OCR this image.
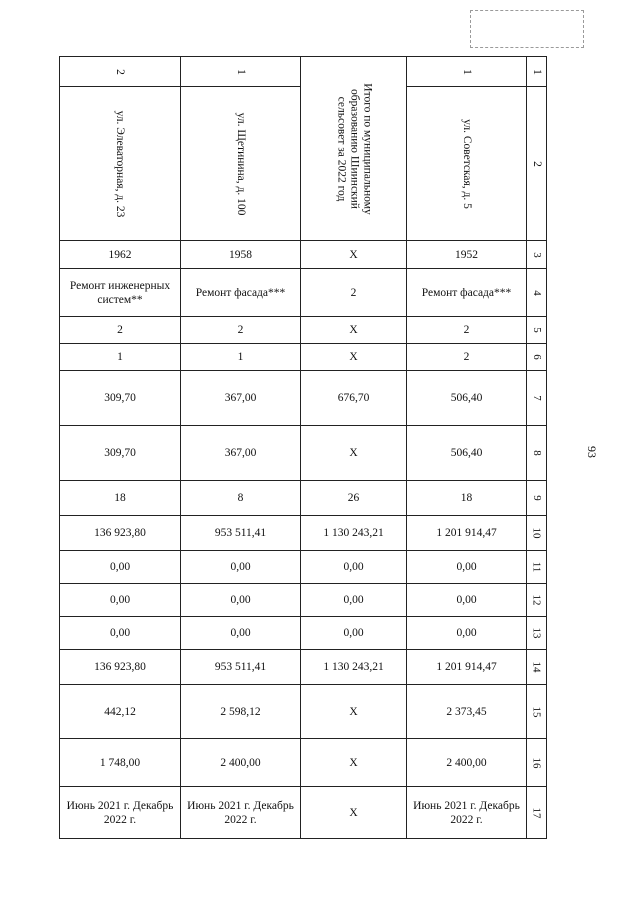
93
2	1	Итого по муниципальному образованию Шиинский сельсовет за 2022 год	1	1

ул. Элеваторная, д. 23	ул. Щетинина, д. 100		ул. Советская, д. 5	2

1962	1958	X	1952	3
Ремонт инженерных систем**	Ремонт фасада***	2	Ремонт фасада***	4
2	2	X	2	5
1	1	X	2	6
309,70	367,00	676,70	506,40	7
309,70	367,00	X	506,40	8
18	8	26	18	9
136 923,80	953 511,41	1 130 243,21	1 201 914,47	10
0,00	0,00	0,00	0,00	11
0,00	0,00	0,00	0,00	12
0,00	0,00	0,00	0,00	13
136 923,80	953 511,41	1 130 243,21	1 201 914,47	14
442,12	2 598,12	X	2 373,45	15
1 748,00	2 400,00	X	2 400,00	16
Июнь 2021 г. Декабрь 2022 г.	Июнь 2021 г. Декабрь 2022 г.	X	Июнь 2021 г. Декабрь 2022 г.	17
